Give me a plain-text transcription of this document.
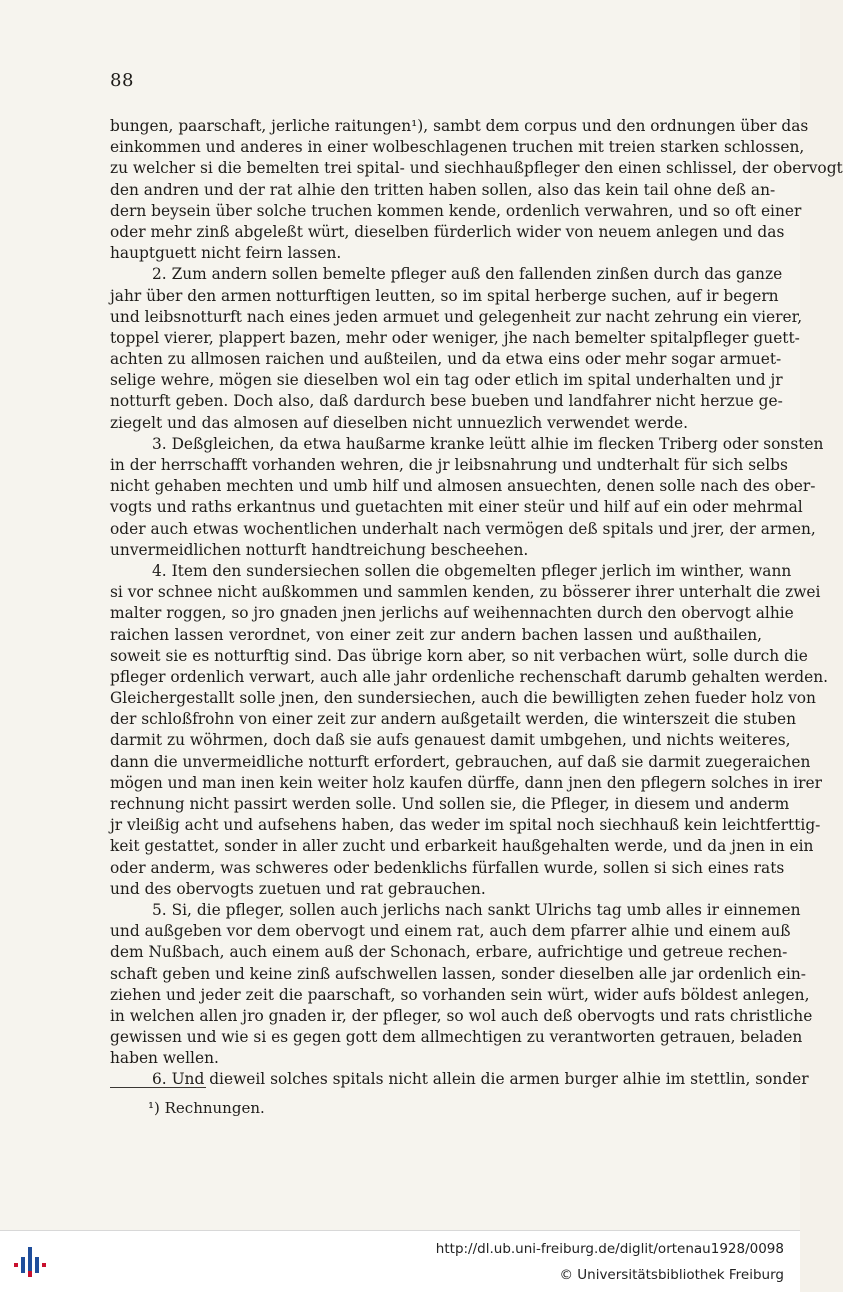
88
bungen, paarschaft, jerliche raitungen¹), sambt dem corpus und den ordnungen über das
einkommen und anderes in einer wolbeschlagenen truchen mit treien starken schlossen,
zu welcher si die bemelten trei spital- und siechhaußpfleger den einen schlissel, der obervogt
den andren und der rat alhie den tritten haben sollen, also das kein tail ohne deß an-
dern beysein über solche truchen kommen kende, ordenlich verwahren, und so oft einer
oder mehr zinß abgeleßt würt, dieselben fürderlich wider von neuem anlegen und das
hauptguett nicht feirn lassen.
2. Zum andern sollen bemelte pfleger auß den fallenden zinßen durch das ganze
jahr über den armen notturftigen leutten, so im spital herberge suchen, auf ir begern
und leibsnotturft nach eines jeden armuet und gelegenheit zur nacht zehrung ein vierer,
toppel vierer, plappert bazen, mehr oder weniger, jhe nach bemelter spitalpfleger guett-
achten zu allmosen raichen und außteilen, und da etwa eins oder mehr sogar armuet-
selige wehre, mögen sie dieselben wol ein tag oder etlich im spital underhalten und jr
notturft geben. Doch also, daß dardurch bese bueben und landfahrer nicht herzue ge-
ziegelt und das almosen auf dieselben nicht unnuezlich verwendet werde.
3. Deßgleichen, da etwa haußarme kranke leütt alhie im flecken Triberg oder sonsten
in der herrschafft vorhanden wehren, die jr leibsnahrung und undterhalt für sich selbs
nicht gehaben mechten und umb hilf und almosen ansuechten, denen solle nach des ober-
vogts und raths erkantnus und guetachten mit einer steür und hilf auf ein oder mehrmal
oder auch etwas wochentlichen underhalt nach vermögen deß spitals und jrer, der armen,
unvermeidlichen notturft handtreichung bescheehen.
4. Item den sundersiechen sollen die obgemelten pfleger jerlich im winther, wann
si vor schnee nicht außkommen und sammlen kenden, zu bösserer ihrer unterhalt die zwei
malter roggen, so jro gnaden jnen jerlichs auf weihennachten durch den obervogt alhie
raichen lassen verordnet, von einer zeit zur andern bachen lassen und außthailen,
soweit sie es notturftig sind. Das übrige korn aber, so nit verbachen würt, solle durch die
pfleger ordenlich verwart, auch alle jahr ordenliche rechenschaft darumb gehalten werden.
Gleichergestallt solle jnen, den sundersiechen, auch die bewilligten zehen fueder holz von
der schloßfrohn von einer zeit zur andern außgetailt werden, die winterszeit die stuben
darmit zu wöhrmen, doch daß sie aufs genauest damit umbgehen, und nichts weiteres,
dann die unvermeidliche notturft erfordert, gebrauchen, auf daß sie darmit zuegeraichen
mögen und man inen kein weiter holz kaufen dürffe, dann jnen den pflegern solches in irer
rechnung nicht passirt werden solle. Und sollen sie, die Pfleger, in diesem und anderm
jr vleißig acht und aufsehens haben, das weder im spital noch siechhauß kein leichtferttig-
keit gestattet, sonder in aller zucht und erbarkeit haußgehalten werde, und da jnen in ein
oder anderm, was schweres oder bedenklichs fürfallen wurde, sollen si sich eines rats
und des obervogts zuetuen und rat gebrauchen.
5. Si, die pfleger, sollen auch jerlichs nach sankt Ulrichs tag umb alles ir einnemen
und außgeben vor dem obervogt und einem rat, auch dem pfarrer alhie und einem auß
dem Nußbach, auch einem auß der Schonach, erbare, aufrichtige und getreue rechen-
schaft geben und keine zinß aufschwellen lassen, sonder dieselben alle jar ordenlich ein-
ziehen und jeder zeit die paarschaft, so vorhanden sein würt, wider aufs böldest anlegen,
in welchen allen jro gnaden ir, der pfleger, so wol auch deß obervogts und rats christliche
gewissen und wie si es gegen gott dem allmechtigen zu verantworten getrauen, beladen
haben wellen.
6. Und dieweil solches spitals nicht allein die armen burger alhie im stettlin, sonder
¹) Rechnungen.
http://dl.ub.uni-freiburg.de/diglit/ortenau1928/0098
© Universitätsbibliothek Freiburg
